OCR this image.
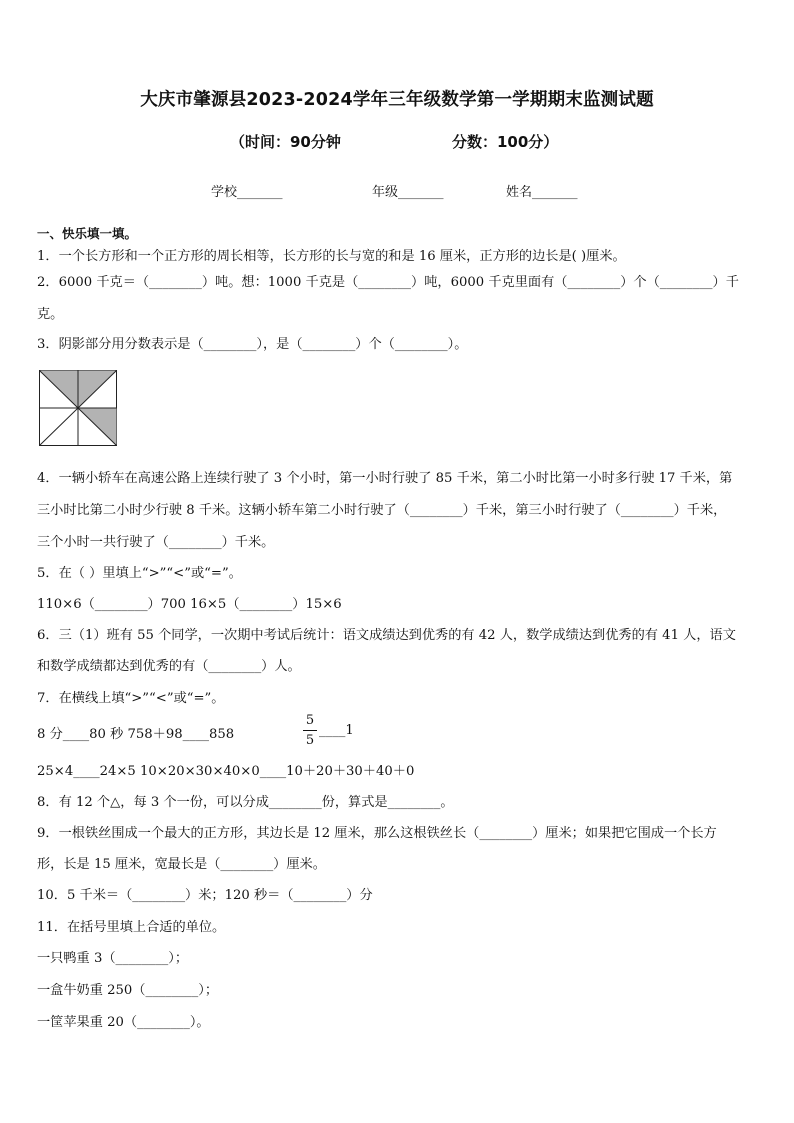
大庆市肇源县2023-2024学年三年级数学第一学期期末监测试题
（时间：90分钟	分数：100分）
学校_______	年级_______	姓名_______
一、快乐填一填。
1．一个长方形和一个正方形的周长相等，长方形的长与宽的和是 16 厘米，正方形的边长是( )厘米。
2．6000 千克＝（________）吨。想：1000 千克是（________）吨，6000 千克里面有（________）个（________）千
克。
3．阴影部分用分数表示是（________），是（________）个（________）。
4．一辆小轿车在高速公路上连续行驶了 3 个小时，第一小时行驶了 85 千米，第二小时比第一小时多行驶 17 千米，第
三小时比第二小时少行驶 8 千米。这辆小轿车第二小时行驶了（________）千米，第三小时行驶了（________）千米，
三个小时一共行驶了（________）千米。
5．在（ ）里填上“>”“<”或“=”。
110×6（________）700 16×5（________）15×6
6．三（1）班有 55 个同学，一次期中考试后统计：语文成绩达到优秀的有 42 人，数学成绩达到优秀的有 41 人，语文
和数学成绩都达到优秀的有（________）人。
7．在横线上填“>”“<”或“=”。
8 分____80 秒 758＋98____858
5
5
____1
25×4____24×5 10×20×30×40×0____10＋20＋30＋40＋0
8．有 12 个△，每 3 个一份，可以分成________份，算式是________。
9．一根铁丝围成一个最大的正方形，其边长是 12 厘米，那么这根铁丝长（________）厘米；如果把它围成一个长方
形，长是 15 厘米，宽最长是（________）厘米。
10．5 千米＝（________）米；120 秒＝（________）分
11．在括号里填上合适的单位。
一只鸭重 3（________）；
一盒牛奶重 250（________）；
一筐苹果重 20（________）。
